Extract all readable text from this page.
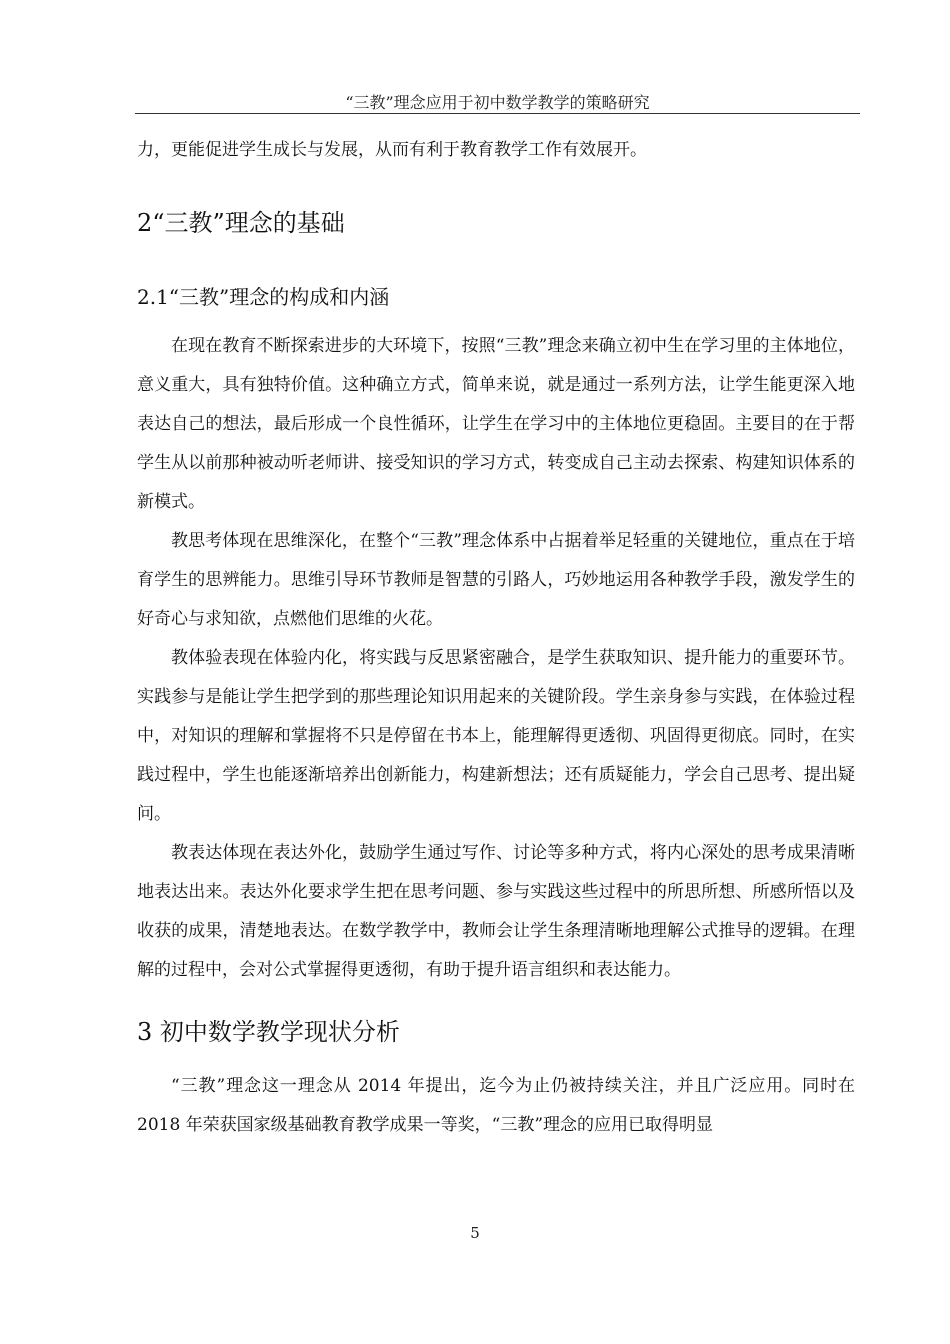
“三教”理念应用于初中数学教学的策略研究

力，更能促进学生成长与发展，从而有利于教育教学工作有效展开。

2“三教”理念的基础
2.1“三教”理念的构成和内涵

在现在教育不断探索进步的大环境下，按照“三教”理念来确立初中生在学习里的主体地位，意义重大，具有独特价值。这种确立方式，简单来说，就是通过一系列方法，让学生能更深入地表达自己的想法，最后形成一个良性循环，让学生在学习中的主体地位更稳固。主要目的在于帮学生从以前那种被动听老师讲、接受知识的学习方式，转变成自己主动去探索、构建知识体系的新模式。

教思考体现在思维深化，在整个“三教”理念体系中占据着举足轻重的关键地位，重点在于培育学生的思辨能力。思维引导环节教师是智慧的引路人，巧妙地运用各种教学手段，激发学生的好奇心与求知欲，点燃他们思维的火花。

教体验表现在体验内化，将实践与反思紧密融合，是学生获取知识、提升能力的重要环节。实践参与是能让学生把学到的那些理论知识用起来的关键阶段。学生亲身参与实践，在体验过程中，对知识的理解和掌握将不只是停留在书本上，能理解得更透彻、巩固得更彻底。同时，在实践过程中，学生也能逐渐培养出创新能力，构建新想法；还有质疑能力，学会自己思考、提出疑问。

教表达体现在表达外化，鼓励学生通过写作、讨论等多种方式，将内心深处的思考成果清晰地表达出来。表达外化要求学生把在思考问题、参与实践这些过程中的所思所想、所感所悟以及收获的成果，清楚地表达。在数学教学中，教师会让学生条理清晰地理解公式推导的逻辑。在理解的过程中，会对公式掌握得更透彻，有助于提升语言组织和表达能力。

3 初中数学教学现状分析

“三教”理念这一理念从 2014 年提出，迄今为止仍被持续关注，并且广泛应用。同时在 2018 年荣获国家级基础教育教学成果一等奖，“三教”理念的应用已取得明显

5
